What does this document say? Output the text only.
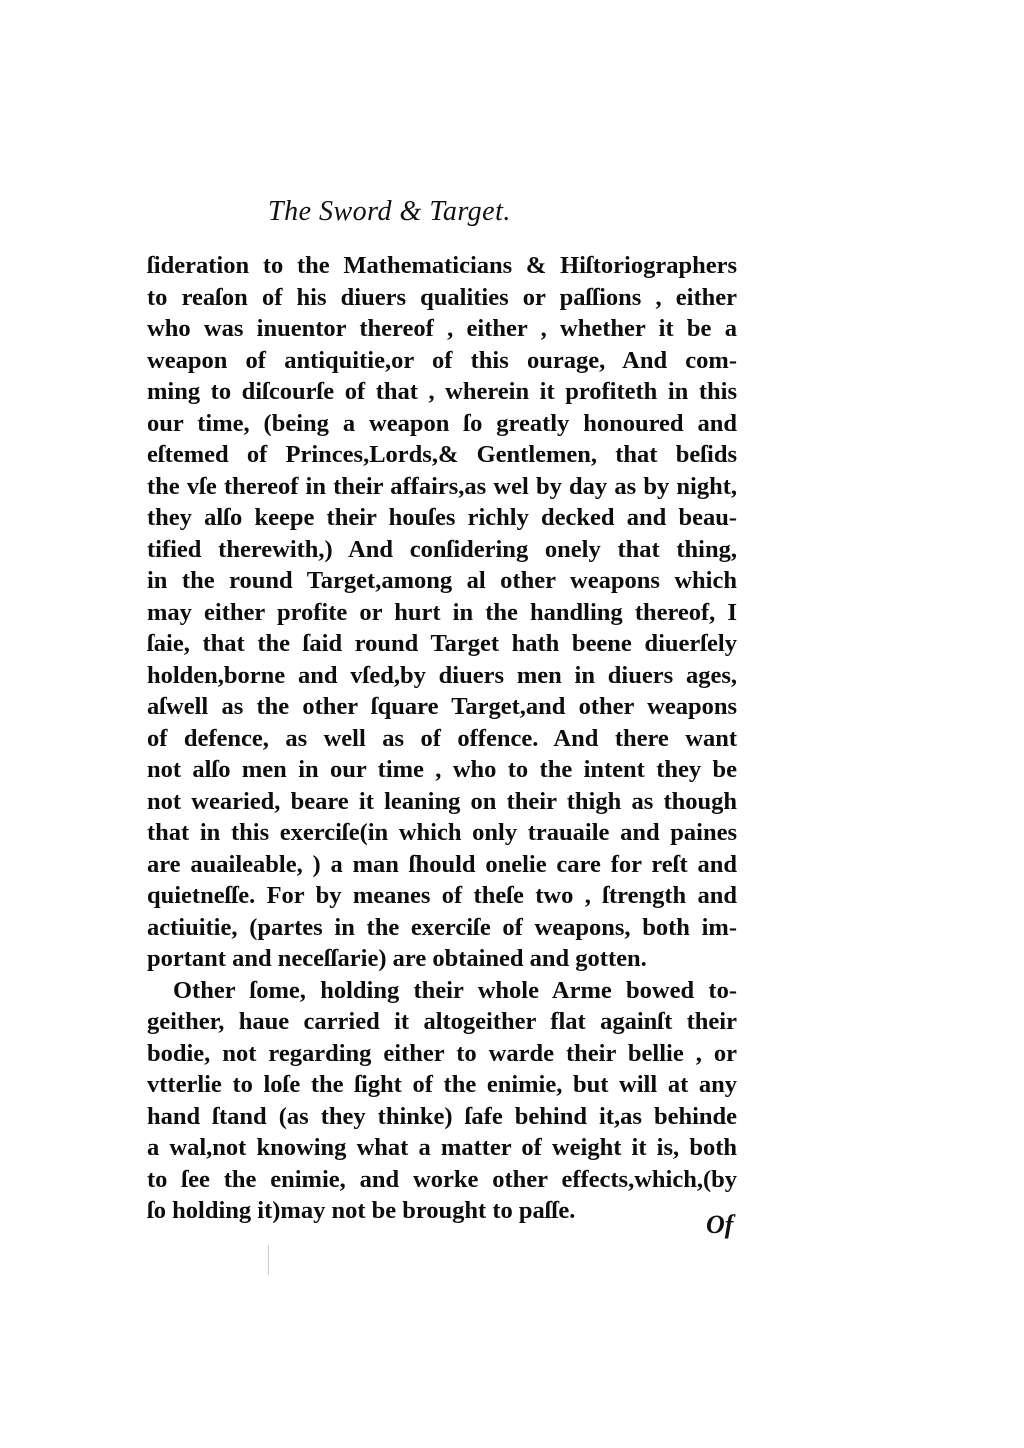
The Sword & Target.
ſideration to the Mathematicians & Hiſtoriographers
to reaſon of his diuers qualities or paſſions , either
who was inuentor thereof , either , whether it be a
weapon of antiquitie,or of this ourage, And com-
ming to diſcourſe of that , wherein it profiteth in this
our time, (being a weapon ſo greatly honoured and
eſtemed of Princes,Lords,& Gentlemen, that beſids
the vſe thereof in their affairs,as wel by day as by night,
they alſo keepe their houſes richly decked and beau-
tified therewith,) And conſidering onely that thing,
in the round Target,among al other weapons which
may either profite or hurt in the handling thereof, I
ſaie, that the ſaid round Target hath beene diuerſely
holden,borne and vſed,by diuers men in diuers ages,
aſwell as the other ſquare Target,and other weapons
of defence, as well as of offence. And there want
not alſo men in our time , who to the intent they be
not wearied, beare it leaning on their thigh as though
that in this exerciſe(in which only trauaile and paines
are auaileable, ) a man ſhould onelie care for reſt and
quietneſſe. For by meanes of theſe two , ſtrength and
actiuitie, (partes in the exerciſe of weapons, both im-
portant and neceſſarie) are obtained and gotten.
Other ſome, holding their whole Arme bowed to-
geither, haue carried it altogeither flat againſt their
bodie, not regarding either to warde their bellie , or
vtterlie to loſe the ſight of the enimie, but will at any
hand ſtand (as they thinke) ſafe behind it,as behinde
a wal,not knowing what a matter of weight it is, both
to ſee the enimie, and worke other effects,which,(by
ſo holding it)may not be brought to paſſe.	Of
